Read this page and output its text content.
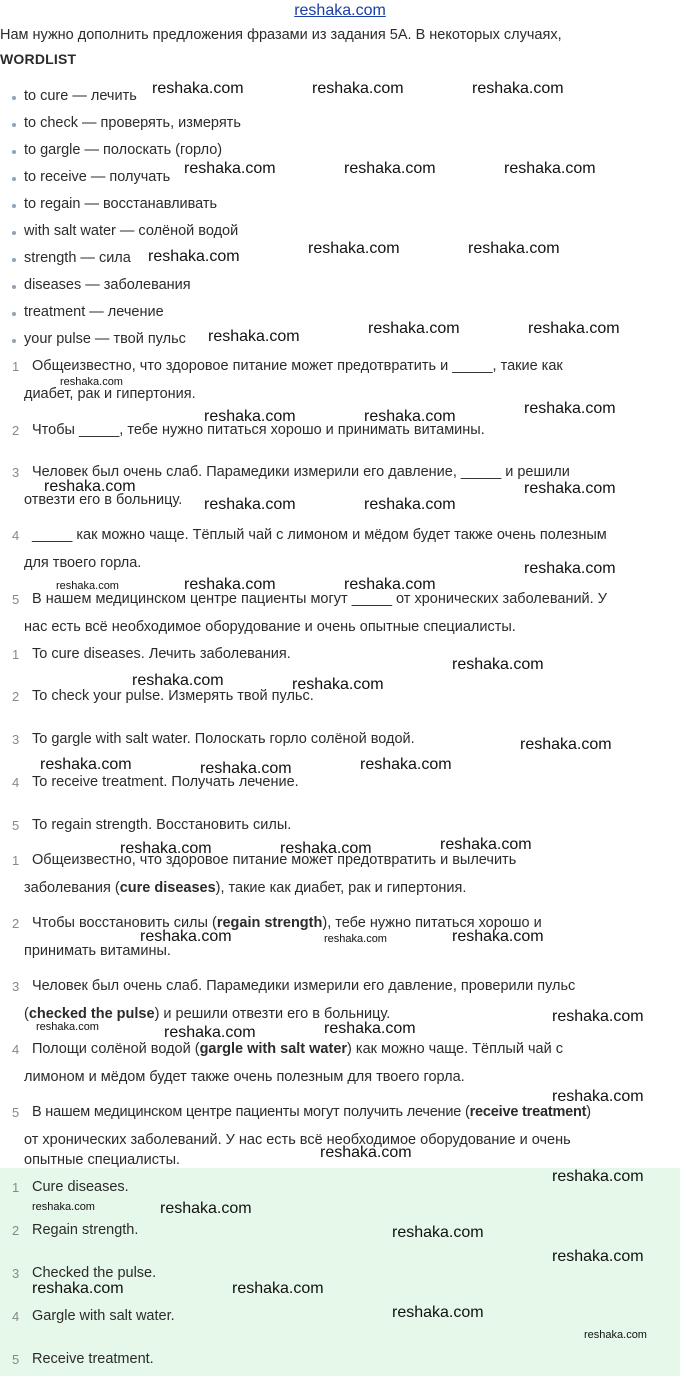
reshaka.com
Нам нужно дополнить предложения фразами из задания 5А. В некоторых случаях,
WORDLIST
to cure — лечить
to check — проверять, измерять
to gargle — полоскать (горло)
to receive — получать
to regain — восстанавливать
with salt water — солёной водой
strength — сила
diseases — заболевания
treatment — лечение
your pulse — твой пульс
1 Общеизвестно, что здоровое питание может предотвратить и _____, такие как
диабет, рак и гипертония.
2 Чтобы _____, тебе нужно питаться хорошо и принимать витамины.
3 Человек был очень слаб. Парамедики измерили его давление, _____ и решили
отвезти его в больницу.
4 _____ как можно чаще. Тёплый чай с лимоном и мёдом будет также очень полезным
для твоего горла.
5 В нашем медицинском центре пациенты могут _____ от хронических заболеваний. У
нас есть всё необходимое оборудование и очень опытные специалисты.
1 To cure diseases. Лечить заболевания.
2 To check your pulse. Измерять твой пульс.
3 To gargle with salt water. Полоскать горло солёной водой.
4 To receive treatment. Получать лечение.
5 To regain strength. Восстановить силы.
1 Общеизвестно, что здоровое питание может предотвратить и вылечить
заболевания (cure diseases), такие как диабет, рак и гипертония.
2 Чтобы восстановить силы (regain strength), тебе нужно питаться хорошо и
принимать витамины.
3 Человек был очень слаб. Парамедики измерили его давление, проверили пульс
(checked the pulse) и решили отвезти его в больницу.
4 Полощи солёной водой (gargle with salt water) как можно чаще. Тёплый чай с
лимоном и мёдом будет также очень полезным для твоего горла.
5 В нашем медицинском центре пациенты могут получить лечение (receive treatment)
от хронических заболеваний. У нас есть всё необходимое оборудование и очень
опытные специалисты.
1 Cure diseases.
2 Regain strength.
3 Checked the pulse.
4 Gargle with salt water.
5 Receive treatment.
reshaka.com	reshaka.com	reshaka.com
reshaka.com	reshaka.com	reshaka.com
reshaka.com	reshaka.com
reshaka.com
reshaka.com	reshaka.com	reshaka.com
reshaka.com
reshaka.com	reshaka.com	reshaka.com
reshaka.com	reshaka.com
reshaka.com	reshaka.com
reshaka.com
reshaka.com	reshaka.com	reshaka.com
reshaka.com
reshaka.com	reshaka.com
reshaka.com
reshaka.com	reshaka.com	reshaka.com
reshaka.com
reshaka.com	reshaka.com
reshaka.com	reshaka.com	reshaka.com
reshaka.com
reshaka.com	reshaka.com	reshaka.com
reshaka.com
reshaka.com
reshaka.com
reshaka.com	reshaka.com
reshaka.com
reshaka.com
reshaka.com	reshaka.com
reshaka.com
reshaka.com
